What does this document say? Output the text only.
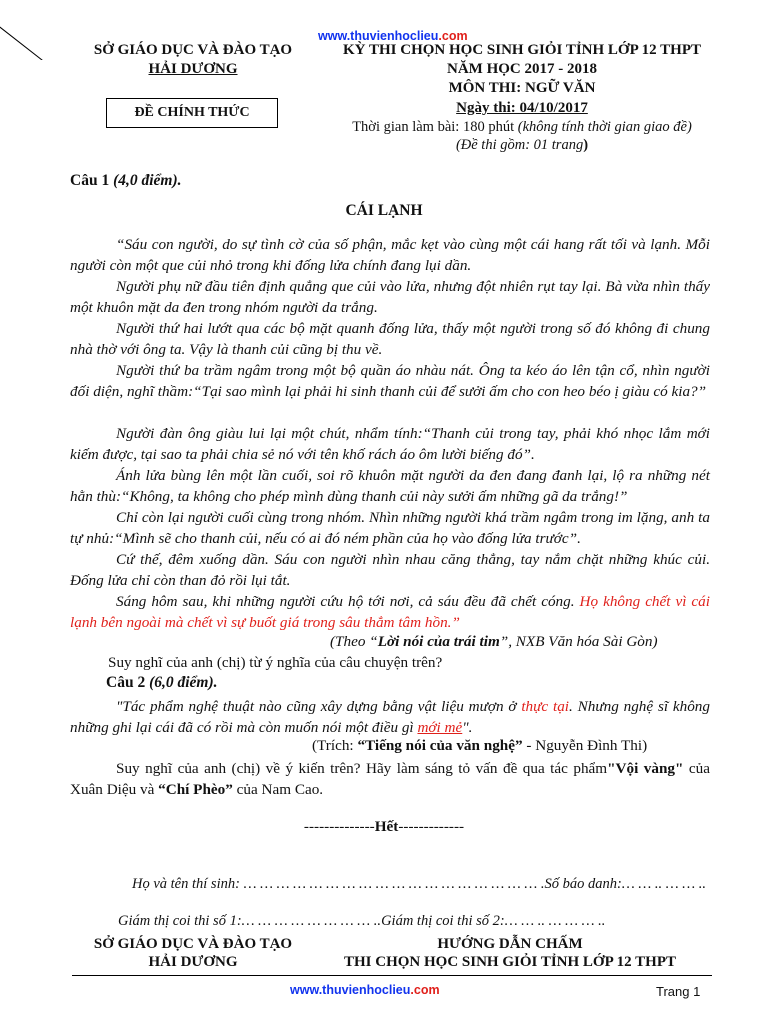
www.thuvienhoclieu.com
SỞ GIÁO DỤC VÀ ĐÀO TẠO
HẢI DƯƠNG
ĐỀ CHÍNH THỨC
KỲ THI CHỌN HỌC SINH GIỎI TỈNH LỚP 12 THPT
NĂM HỌC 2017 - 2018
MÔN THI: NGỮ VĂN
Ngày thi: 04/10/2017
Thời gian làm bài: 180 phút (không tính thời gian giao đề)
(Đề thi gồm: 01 trang)
Câu 1 (4,0 điểm).
CÁI LẠNH
“Sáu con người, do sự tình cờ của số phận, mắc kẹt vào cùng một cái hang rất tối và lạnh. Mỗi người còn một que củi nhỏ trong khi đống lửa chính đang lụi dần.
Người phụ nữ đầu tiên định quẳng que củi vào lửa, nhưng đột nhiên rụt tay lại. Bà vừa nhìn thấy một khuôn mặt da đen trong nhóm người da trắng.
Người thứ hai lướt qua các bộ mặt quanh đống lửa, thấy một người trong số đó không đi chung nhà thờ với ông ta. Vậy là thanh củi cũng bị thu về.
Người thứ ba trầm ngâm trong một bộ quần áo nhàu nát. Ông ta kéo áo lên tận cổ, nhìn người đối diện, nghĩ thầm:“Tại sao mình lại phải hi sinh thanh củi để sưởi ấm cho con heo béo ị giàu có kia?”
Người đàn ông giàu lui lại một chút, nhẩm tính:“Thanh củi trong tay, phải khó nhọc lắm mới kiếm được, tại sao ta phải chia sẻ nó với tên khố rách áo ôm lười biếng đó”.
Ánh lửa bùng lên một lần cuối, soi rõ khuôn mặt người da đen đang đanh lại, lộ ra những nét hằn thù:“Không, ta không cho phép mình dùng thanh củi này sưởi ấm những gã da trắng!”
Chỉ còn lại người cuối cùng trong nhóm. Nhìn những người khá trầm ngâm trong im lặng, anh ta tự nhủ:“Mình sẽ cho thanh củi, nếu có ai đó ném phần của họ vào đống lửa trước”.
Cứ thế, đêm xuống dần. Sáu con người nhìn nhau căng thẳng, tay nắm chặt những khúc củi. Đống lửa chỉ còn than đỏ rồi lụi tắt.
Sáng hôm sau, khi những người cứu hộ tới nơi, cả sáu đều đã chết cóng. Họ không chết vì cái lạnh bên ngoài mà chết vì sự buốt giá trong sâu thẳm tâm hồn.”
(Theo “Lời nói của trái tim”, NXB Văn hóa Sài Gòn)
Suy nghĩ của anh (chị) từ ý nghĩa của câu chuyện trên?
Câu 2 (6,0 điểm).
"Tác phẩm nghệ thuật nào cũng xây dựng bằng vật liệu mượn ở thực tại. Nhưng nghệ sĩ không những ghi lại cái đã có rồi mà còn muốn nói một điều gì mới mẻ".
(Trích: “Tiếng nói của văn nghệ” - Nguyễn Đình Thi)
Suy nghĩ của anh (chị) về ý kiến trên? Hãy làm sáng tỏ vấn đề qua tác phẩm"Vội vàng" của Xuân Diệu và “Chí Phèo” của Nam Cao.
--------------Hết-------------
Họ và tên thí sinh: … … … … … … … … … … … … … … … … … … .Số báo danh:… … .. … … ..
Giám thị coi thi số 1:… … … … … … … … ..Giám thị coi thi số 2:… … .. … … … ..
SỞ GIÁO DỤC VÀ ĐÀO TẠO
HẢI DƯƠNG
HƯỚNG DẪN CHẤM
THI CHỌN HỌC SINH GIỎI TỈNH LỚP 12 THPT
www.thuvienhoclieu.com	Trang 1
